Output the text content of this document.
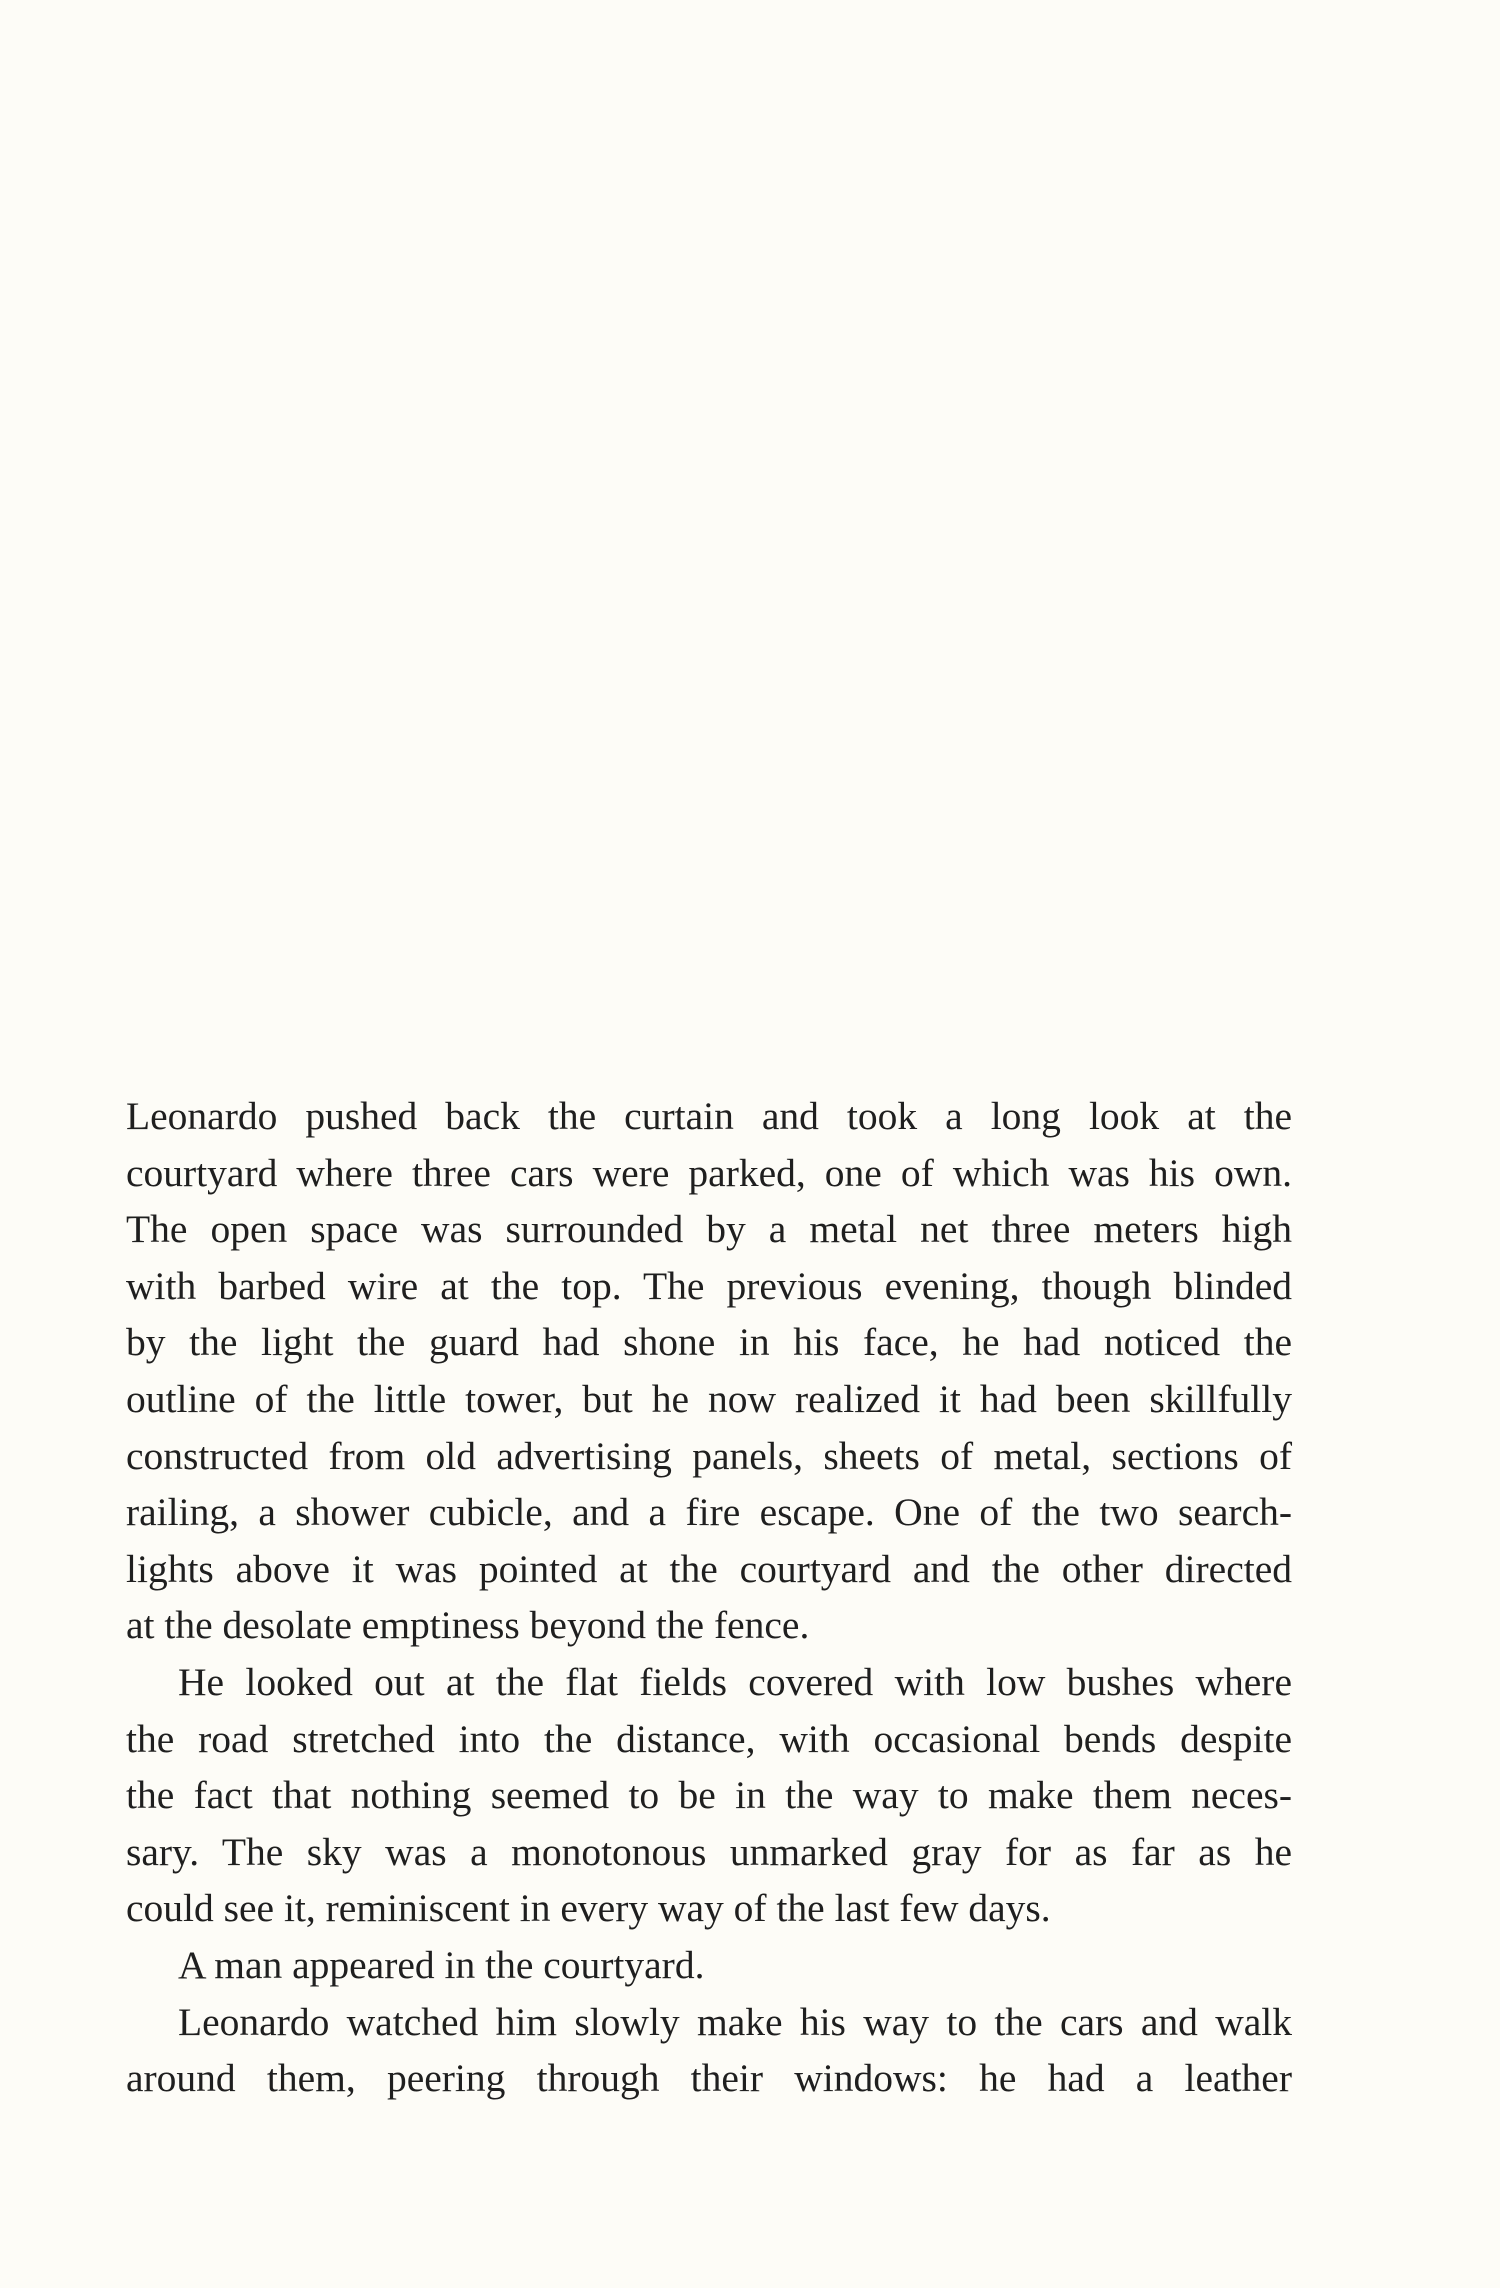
Leonardo pushed back the curtain and took a long look at the
courtyard where three cars were parked, one of which was his own.
The open space was surrounded by a metal net three meters high
with barbed wire at the top. The previous evening, though blinded
by the light the guard had shone in his face, he had noticed the
outline of the little tower, but he now realized it had been skillfully
constructed from old advertising panels, sheets of metal, sections of
railing, a shower cubicle, and a fire escape. One of the two search-
lights above it was pointed at the courtyard and the other directed
at the desolate emptiness beyond the fence.
He looked out at the flat fields covered with low bushes where
the road stretched into the distance, with occasional bends despite
the fact that nothing seemed to be in the way to make them neces-
sary. The sky was a monotonous unmarked gray for as far as he
could see it, reminiscent in every way of the last few days.
A man appeared in the courtyard.
Leonardo watched him slowly make his way to the cars and walk
around them, peering through their windows: he had a leather
